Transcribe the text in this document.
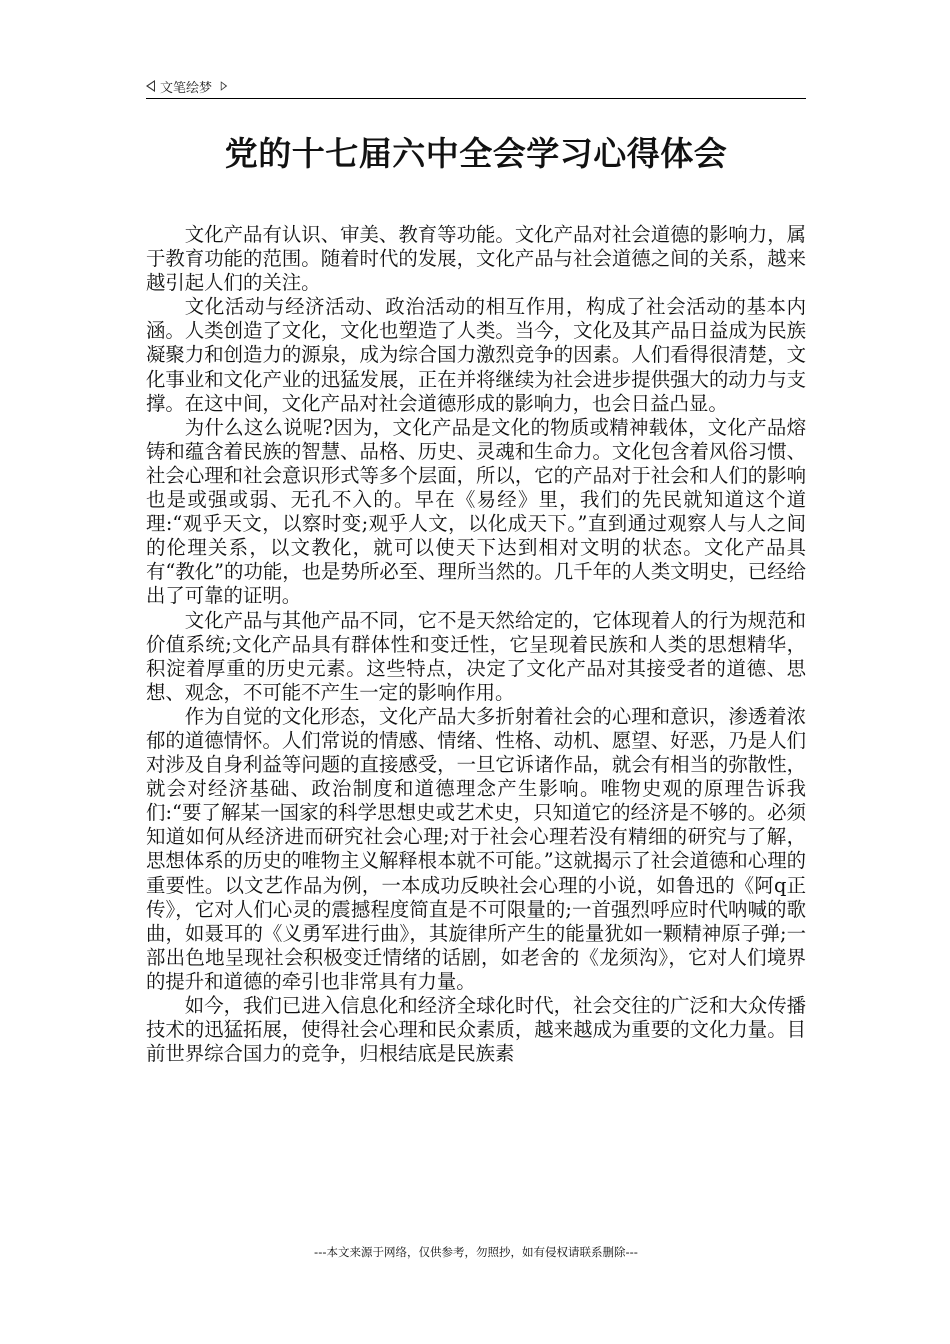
文笔绘梦
党的十七届六中全会学习心得体会

文化产品有认识、审美、教育等功能。文化产品对社会道德的影响力，属于教育功能的范围。随着时代的发展，文化产品与社会道德之间的关系，越来越引起人们的关注。

文化活动与经济活动、政治活动的相互作用，构成了社会活动的基本内涵。人类创造了文化，文化也塑造了人类。当今，文化及其产品日益成为民族凝聚力和创造力的源泉，成为综合国力激烈竞争的因素。人们看得很清楚，文化事业和文化产业的迅猛发展，正在并将继续为社会进步提供强大的动力与支撑。在这中间，文化产品对社会道德形成的影响力，也会日益凸显。

为什么这么说呢?因为，文化产品是文化的物质或精神载体，文化产品熔铸和蕴含着民族的智慧、品格、历史、灵魂和生命力。文化包含着风俗习惯、社会心理和社会意识形式等多个层面，所以，它的产品对于社会和人们的影响也是或强或弱、无孔不入的。早在《易经》里，我们的先民就知道这个道理:“观乎天文，以察时变;观乎人文，以化成天下。”直到通过观察人与人之间的伦理关系，以文教化，就可以使天下达到相对文明的状态。文化产品具有“教化”的功能，也是势所必至、理所当然的。几千年的人类文明史，已经给出了可靠的证明。

文化产品与其他产品不同，它不是天然给定的，它体现着人的行为规范和价值系统;文化产品具有群体性和变迁性，它呈现着民族和人类的思想精华，积淀着厚重的历史元素。这些特点，决定了文化产品对其接受者的道德、思想、观念，不可能不产生一定的影响作用。

作为自觉的文化形态，文化产品大多折射着社会的心理和意识，渗透着浓郁的道德情怀。人们常说的情感、情绪、性格、动机、愿望、好恶，乃是人们对涉及自身利益等问题的直接感受，一旦它诉诸作品，就会有相当的弥散性，就会对经济基础、政治制度和道德理念产生影响。唯物史观的原理告诉我们:“要了解某一国家的科学思想史或艺术史，只知道它的经济是不够的。必须知道如何从经济进而研究社会心理;对于社会心理若没有精细的研究与了解，思想体系的历史的唯物主义解释根本就不可能。”这就揭示了社会道德和心理的重要性。以文艺作品为例，一本成功反映社会心理的小说，如鲁迅的《阿q正传》，它对人们心灵的震撼程度简直是不可限量的;一首强烈呼应时代呐喊的歌曲，如聂耳的《义勇军进行曲》，其旋律所产生的能量犹如一颗精神原子弹;一部出色地呈现社会积极变迁情绪的话剧，如老舍的《龙须沟》，它对人们境界的提升和道德的牵引也非常具有力量。

如今，我们已进入信息化和经济全球化时代，社会交往的广泛和大众传播技术的迅猛拓展，使得社会心理和民众素质，越来越成为重要的文化力量。目前世界综合国力的竞争，归根结底是民族素

---本文来源于网络，仅供参考，勿照抄，如有侵权请联系删除---
